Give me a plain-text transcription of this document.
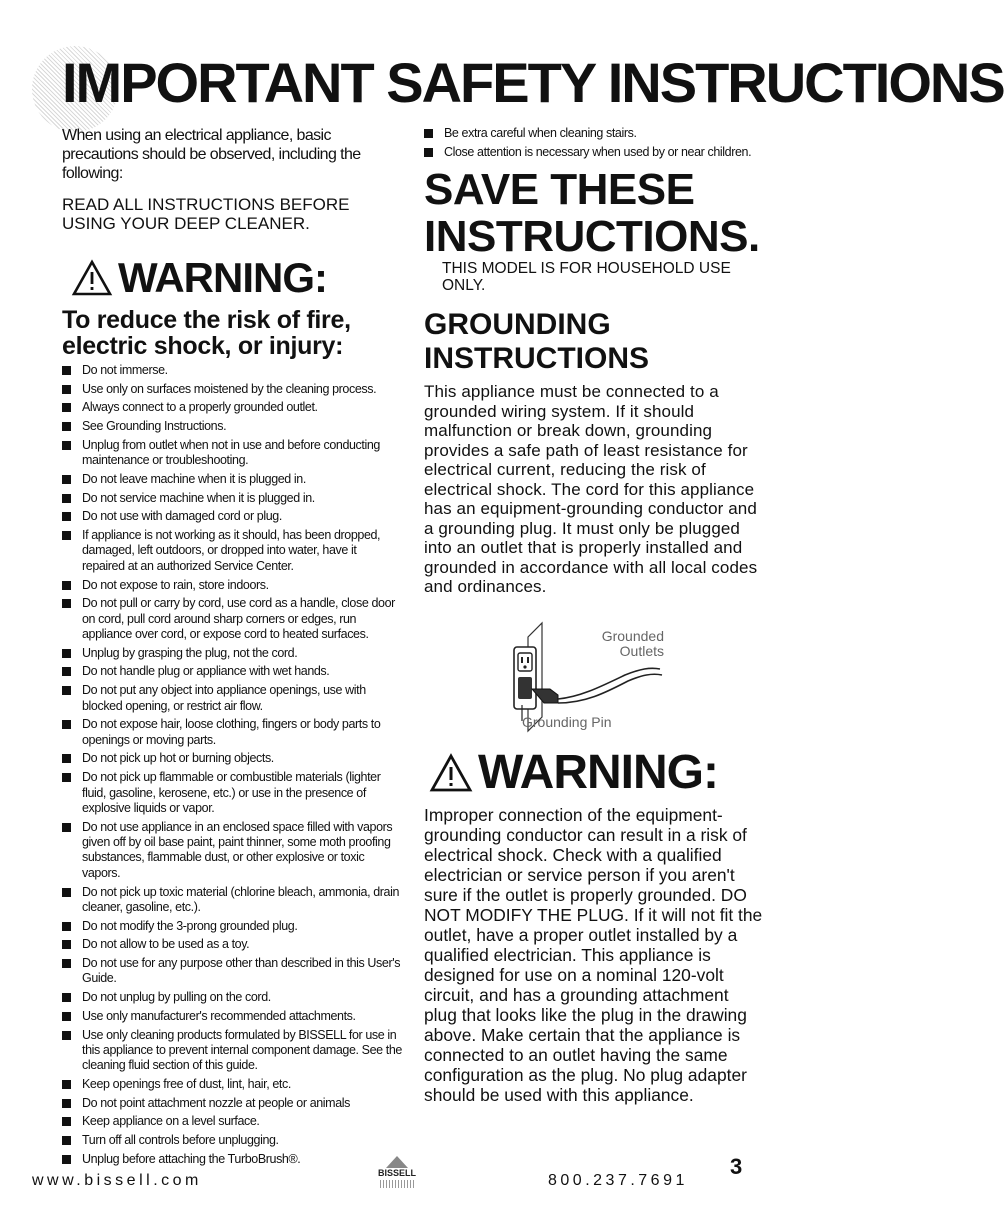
IMPORTANT SAFETY INSTRUCTIONS

When using an electrical appliance, basic precautions should be observed, including the following:

READ ALL INSTRUCTIONS BEFORE USING YOUR DEEP CLEANER.

WARNING:
To reduce the risk of fire, electric shock, or injury:
Do not immerse.
Use only on surfaces moistened by the cleaning process.
Always connect to a properly grounded outlet.
See Grounding Instructions.
Unplug from outlet when not in use and before conducting maintenance or troubleshooting.
Do not leave machine when it is plugged in.
Do not service machine when it is plugged in.
Do not use with damaged cord or plug.
If appliance is not working as it should, has been dropped, damaged, left outdoors, or dropped into water, have it repaired at an authorized Service Center.
Do not expose to rain, store indoors.
Do not pull or carry by cord, use cord as a handle, close door on cord, pull cord around sharp corners or edges, run appliance over cord, or expose cord to heated surfaces.
Unplug by grasping the plug, not the cord.
Do not handle plug or appliance with wet hands.
Do not put any object into appliance openings, use with blocked opening, or restrict air flow.
Do not expose hair, loose clothing, fingers or body parts to openings or moving parts.
Do not pick up hot or burning objects.
Do not pick up flammable or combustible materials (lighter fluid, gasoline, kerosene, etc.) or use in the presence of explosive liquids or vapor.
Do not use appliance in an enclosed space filled with vapors given off by oil base paint, paint thinner, some moth proofing substances, flammable dust, or other explosive or toxic vapors.
Do not pick up toxic material (chlorine bleach, ammonia, drain cleaner, gasoline, etc.).
Do not modify the 3-prong grounded plug.
Do not allow to be used as a toy.
Do not use for any purpose other than described in this User's Guide.
Do not unplug by pulling on the cord.
Use only manufacturer's recommended attachments.
Use only cleaning products formulated by BISSELL for use in this appliance to prevent internal component damage. See the cleaning fluid section of this guide.
Keep openings free of dust, lint, hair, etc.
Do not point attachment nozzle at people or animals
Keep appliance on a level surface.
Turn off all controls before unplugging.
Unplug before attaching the TurboBrush®.
Be extra careful when cleaning stairs.
Close attention is necessary when used by or near children.
SAVE THESE INSTRUCTIONS.

THIS MODEL IS FOR HOUSEHOLD USE ONLY.

GROUNDING INSTRUCTIONS

This appliance must be connected to a grounded wiring system. If it should malfunction or break down, grounding provides a safe path of least resistance for electrical current, reducing the risk of electrical shock. The cord for this appliance has an equipment-grounding conductor and a grounding plug. It must only be plugged into an outlet that is properly installed and grounded in accordance with all local codes and ordinances.

Grounded Outlets
Grounding Pin
WARNING:

Improper connection of the equipment-grounding conductor can result in a risk of electrical shock. Check with a qualified electrician or service person if you aren't sure if the outlet is properly grounded. DO NOT MODIFY THE PLUG. If it will not fit the outlet, have a proper outlet installed by a qualified electrician. This appliance is designed for use on a nominal 120-volt circuit, and has a grounding attachment plug that looks like the plug in the drawing above. Make certain that the appliance is connected to an outlet having the same configuration as the plug. No plug adapter should be used with this appliance.

www.bissell.com	BISSELL	800.237.7691
3
